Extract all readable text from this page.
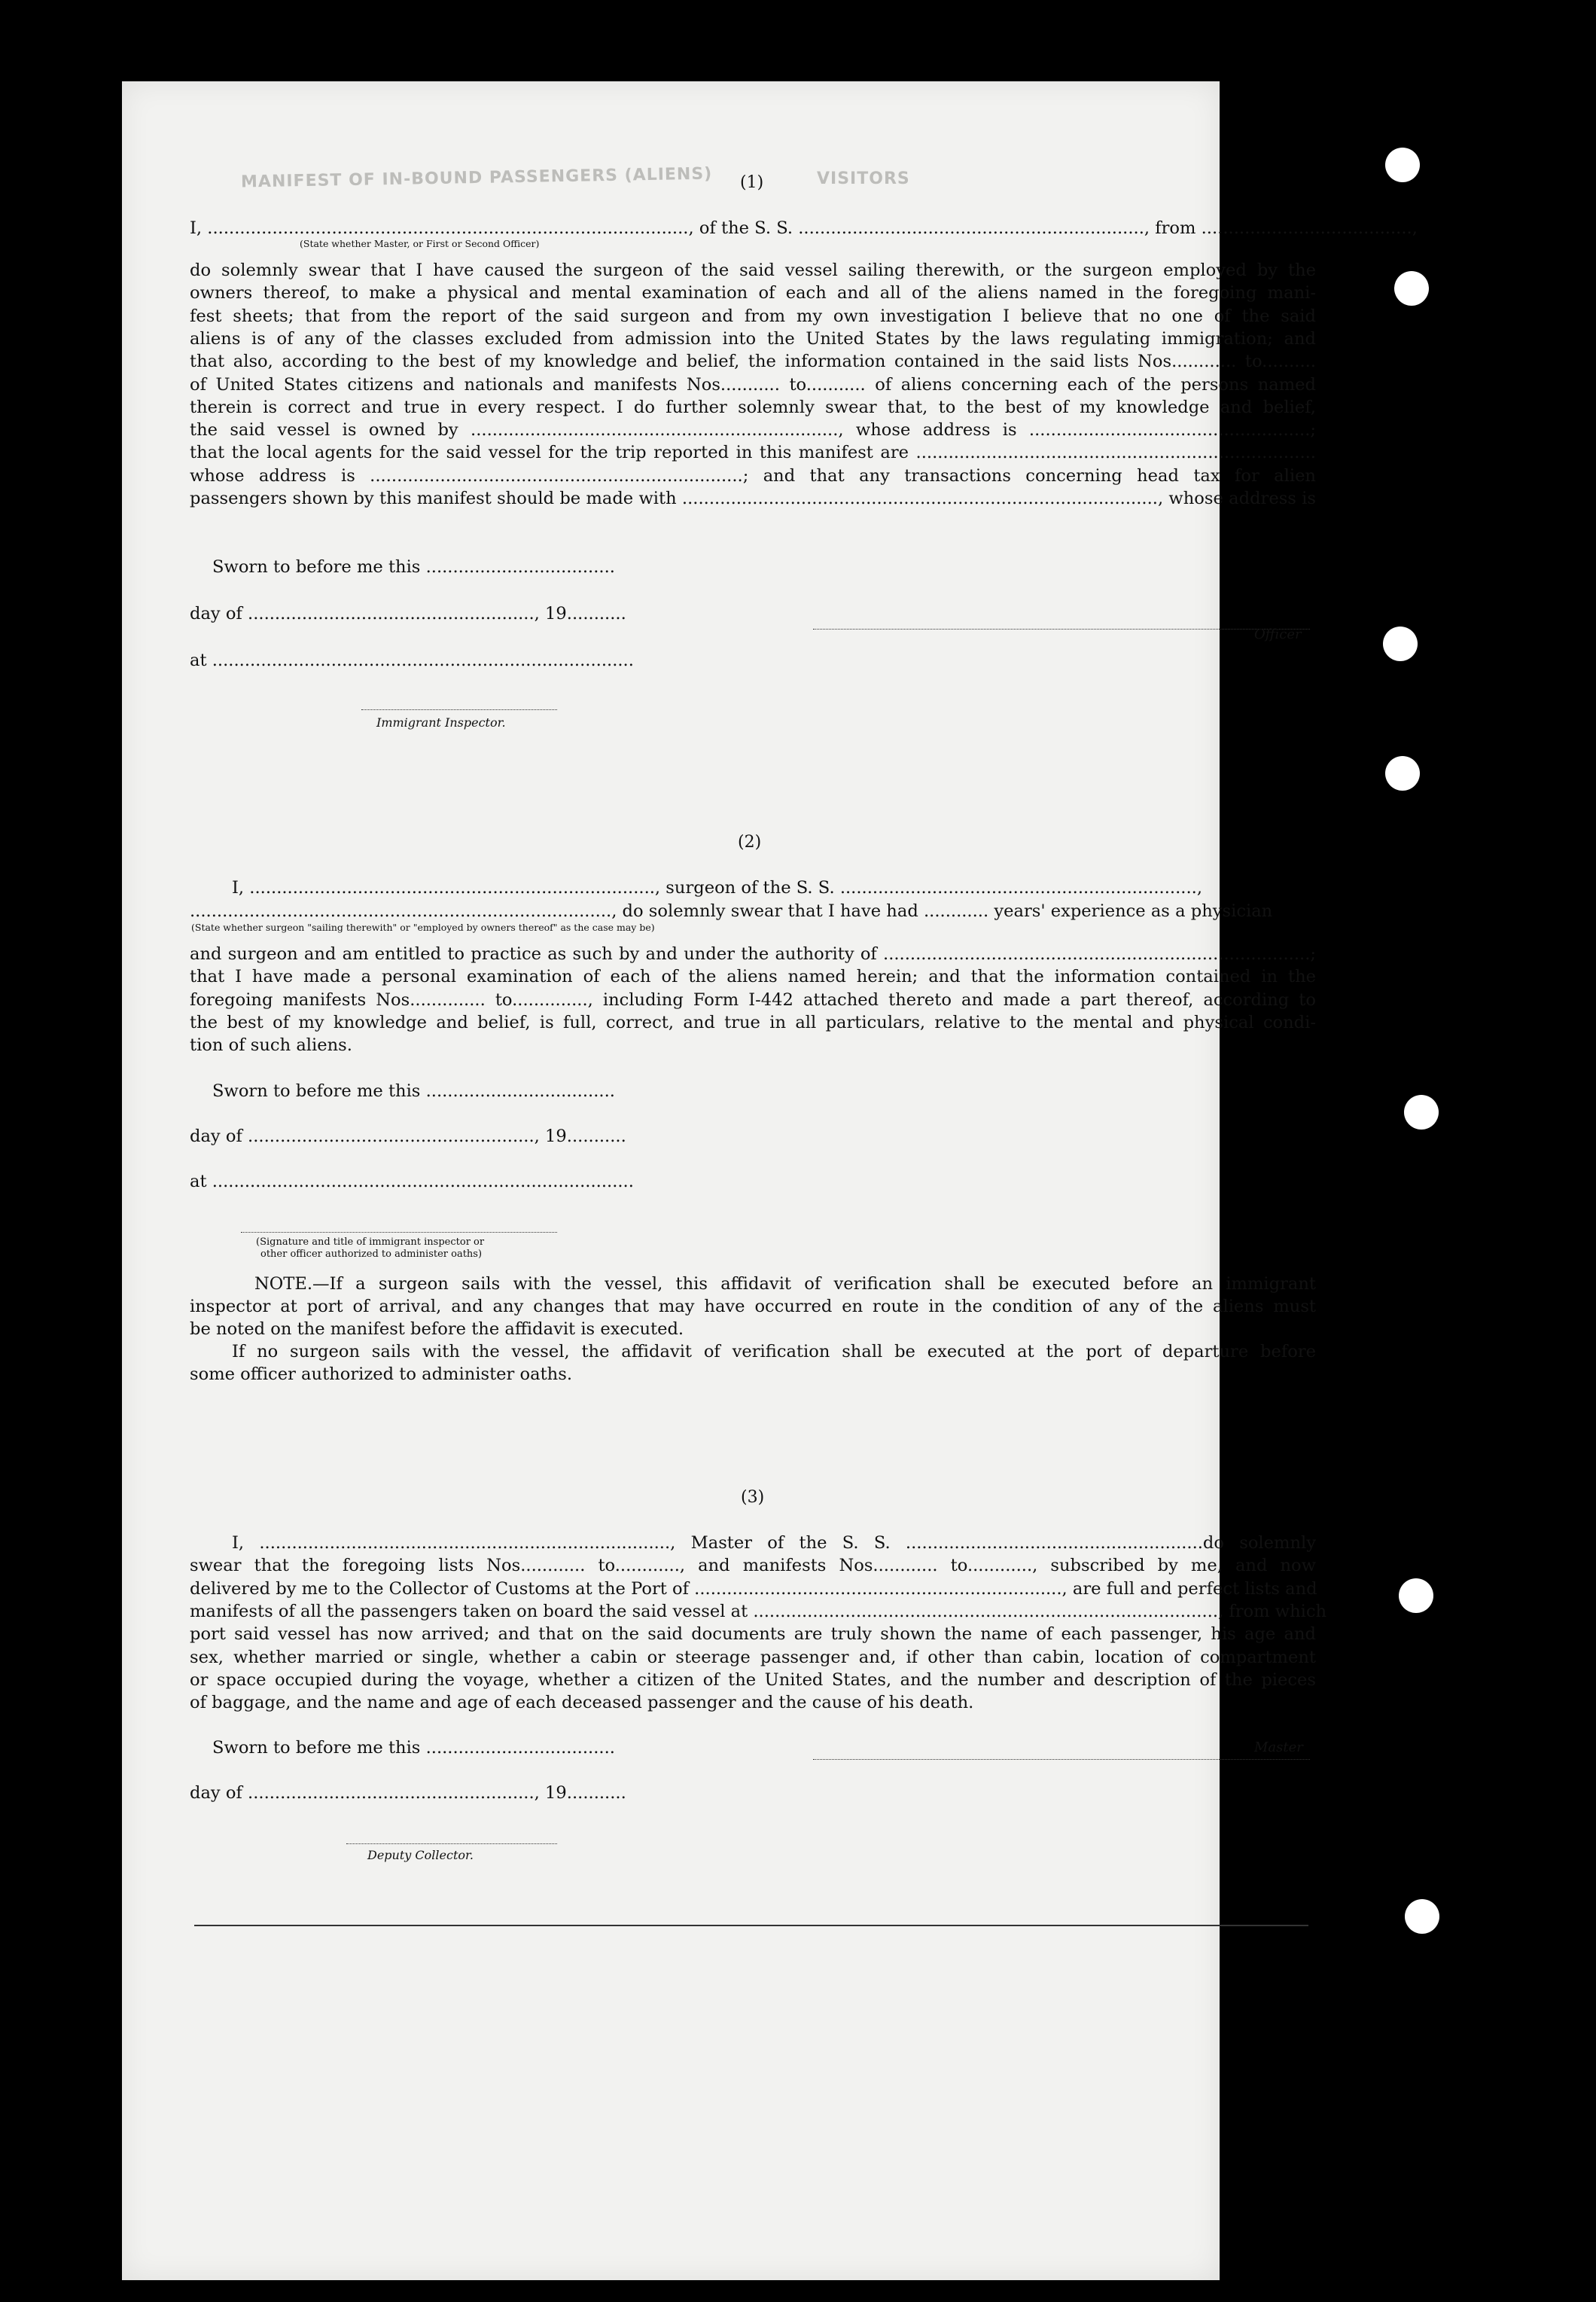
MANIFEST OF IN-BOUND PASSENGERS (ALIENS)	VISITORS
(1)
I, ........................................................................................., of the S. S. ................................................................, from .......................................,
(State whether Master, or First or Second Officer)
do solemnly swear that I have caused the surgeon of the said vessel sailing therewith, or the surgeon employed by the
owners thereof, to make a physical and mental examination of each and all of the aliens named in the foregoing mani-
fest sheets; that from the report of the said surgeon and from my own investigation I believe that no one of the said
aliens is of any of the classes excluded from admission into the United States by the laws regulating immigration; and
that also, according to the best of my knowledge and belief, the information contained in the said lists Nos............ to..........
of United States citizens and nationals and manifests Nos........... to........... of aliens concerning each of the persons named
therein is correct and true in every respect. I do further solemnly swear that, to the best of my knowledge and belief,
the said vessel is owned by ...................................................................., whose address is ....................................................;
that the local agents for the said vessel for the trip reported in this manifest are ..........................................................................
whose address is .....................................................................; and that any transactions concerning head tax for alien
passengers shown by this manifest should be made with ........................................................................................, whose address is
Sworn to before me this ...................................
day of ....................................................., 19...........
at ..............................................................................
Officer
Immigrant Inspector.
(2)
I, ..........................................................................., surgeon of the S. S. ..................................................................,
.............................................................................., do solemnly swear that I have had ............ years' experience as a physician
(State whether surgeon "sailing therewith" or "employed by owners thereof" as the case may be)
and surgeon and am entitled to practice as such by and under the authority of ...............................................................................;
that I have made a personal examination of each of the aliens named herein; and that the information contained in the
foregoing manifests Nos.............. to.............., including Form I-442 attached thereto and made a part thereof, according to
the best of my knowledge and belief, is full, correct, and true in all particulars, relative to the mental and physical condi-
tion of such aliens.
Sworn to before me this ...................................
day of ....................................................., 19...........
at ..............................................................................
(Signature and title of immigrant inspector or
other officer authorized to administer oaths)
NOTE.—If a surgeon sails with the vessel, this affidavit of verification shall be executed before an immigrant
inspector at port of arrival, and any changes that may have occurred en route in the condition of any of the aliens must
be noted on the manifest before the affidavit is executed.
If no surgeon sails with the vessel, the affidavit of verification shall be executed at the port of departure before
some officer authorized to administer oaths.
(3)
I, ............................................................................, Master of the S. S. .......................................................do solemnly
swear that the foregoing lists Nos............ to............, and manifests Nos............ to............, subscribed by me, and now
delivered by me to the Collector of Customs at the Port of ...................................................................., are full and perfect lists and
manifests of all the passengers taken on board the said vessel at ......................................................................................, from which
port said vessel has now arrived; and that on the said documents are truly shown the name of each passenger, his age and
sex, whether married or single, whether a cabin or steerage passenger and, if other than cabin, location of compartment
or space occupied during the voyage, whether a citizen of the United States, and the number and description of the pieces
of baggage, and the name and age of each deceased passenger and the cause of his death.
Sworn to before me this ...................................
day of ....................................................., 19...........
Master
Deputy Collector.
